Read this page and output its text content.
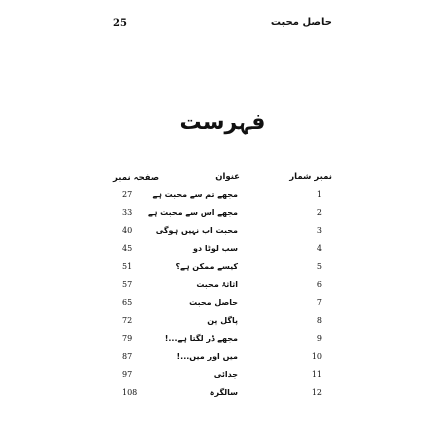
حاصل محبت
25
فہرست
نمبر شمار
عنوان
صفحہ نمبر
1
مجھے تم سے محبت ہے
27
2
مجھے اس سے محبت ہے
33
3
محبت اب نہیں ہوگی
40
4
سب لوٹا دو
45
5
کیسے ممکن ہے؟
51
6
اثاثۂ محبت
57
7
حاصل محبت
65
8
پاگل پن
72
9
مجھے ڈر لگتا ہے...!
79
10
میں اور میں...!
87
11
جدائی
97
12
سالگرہ
108
